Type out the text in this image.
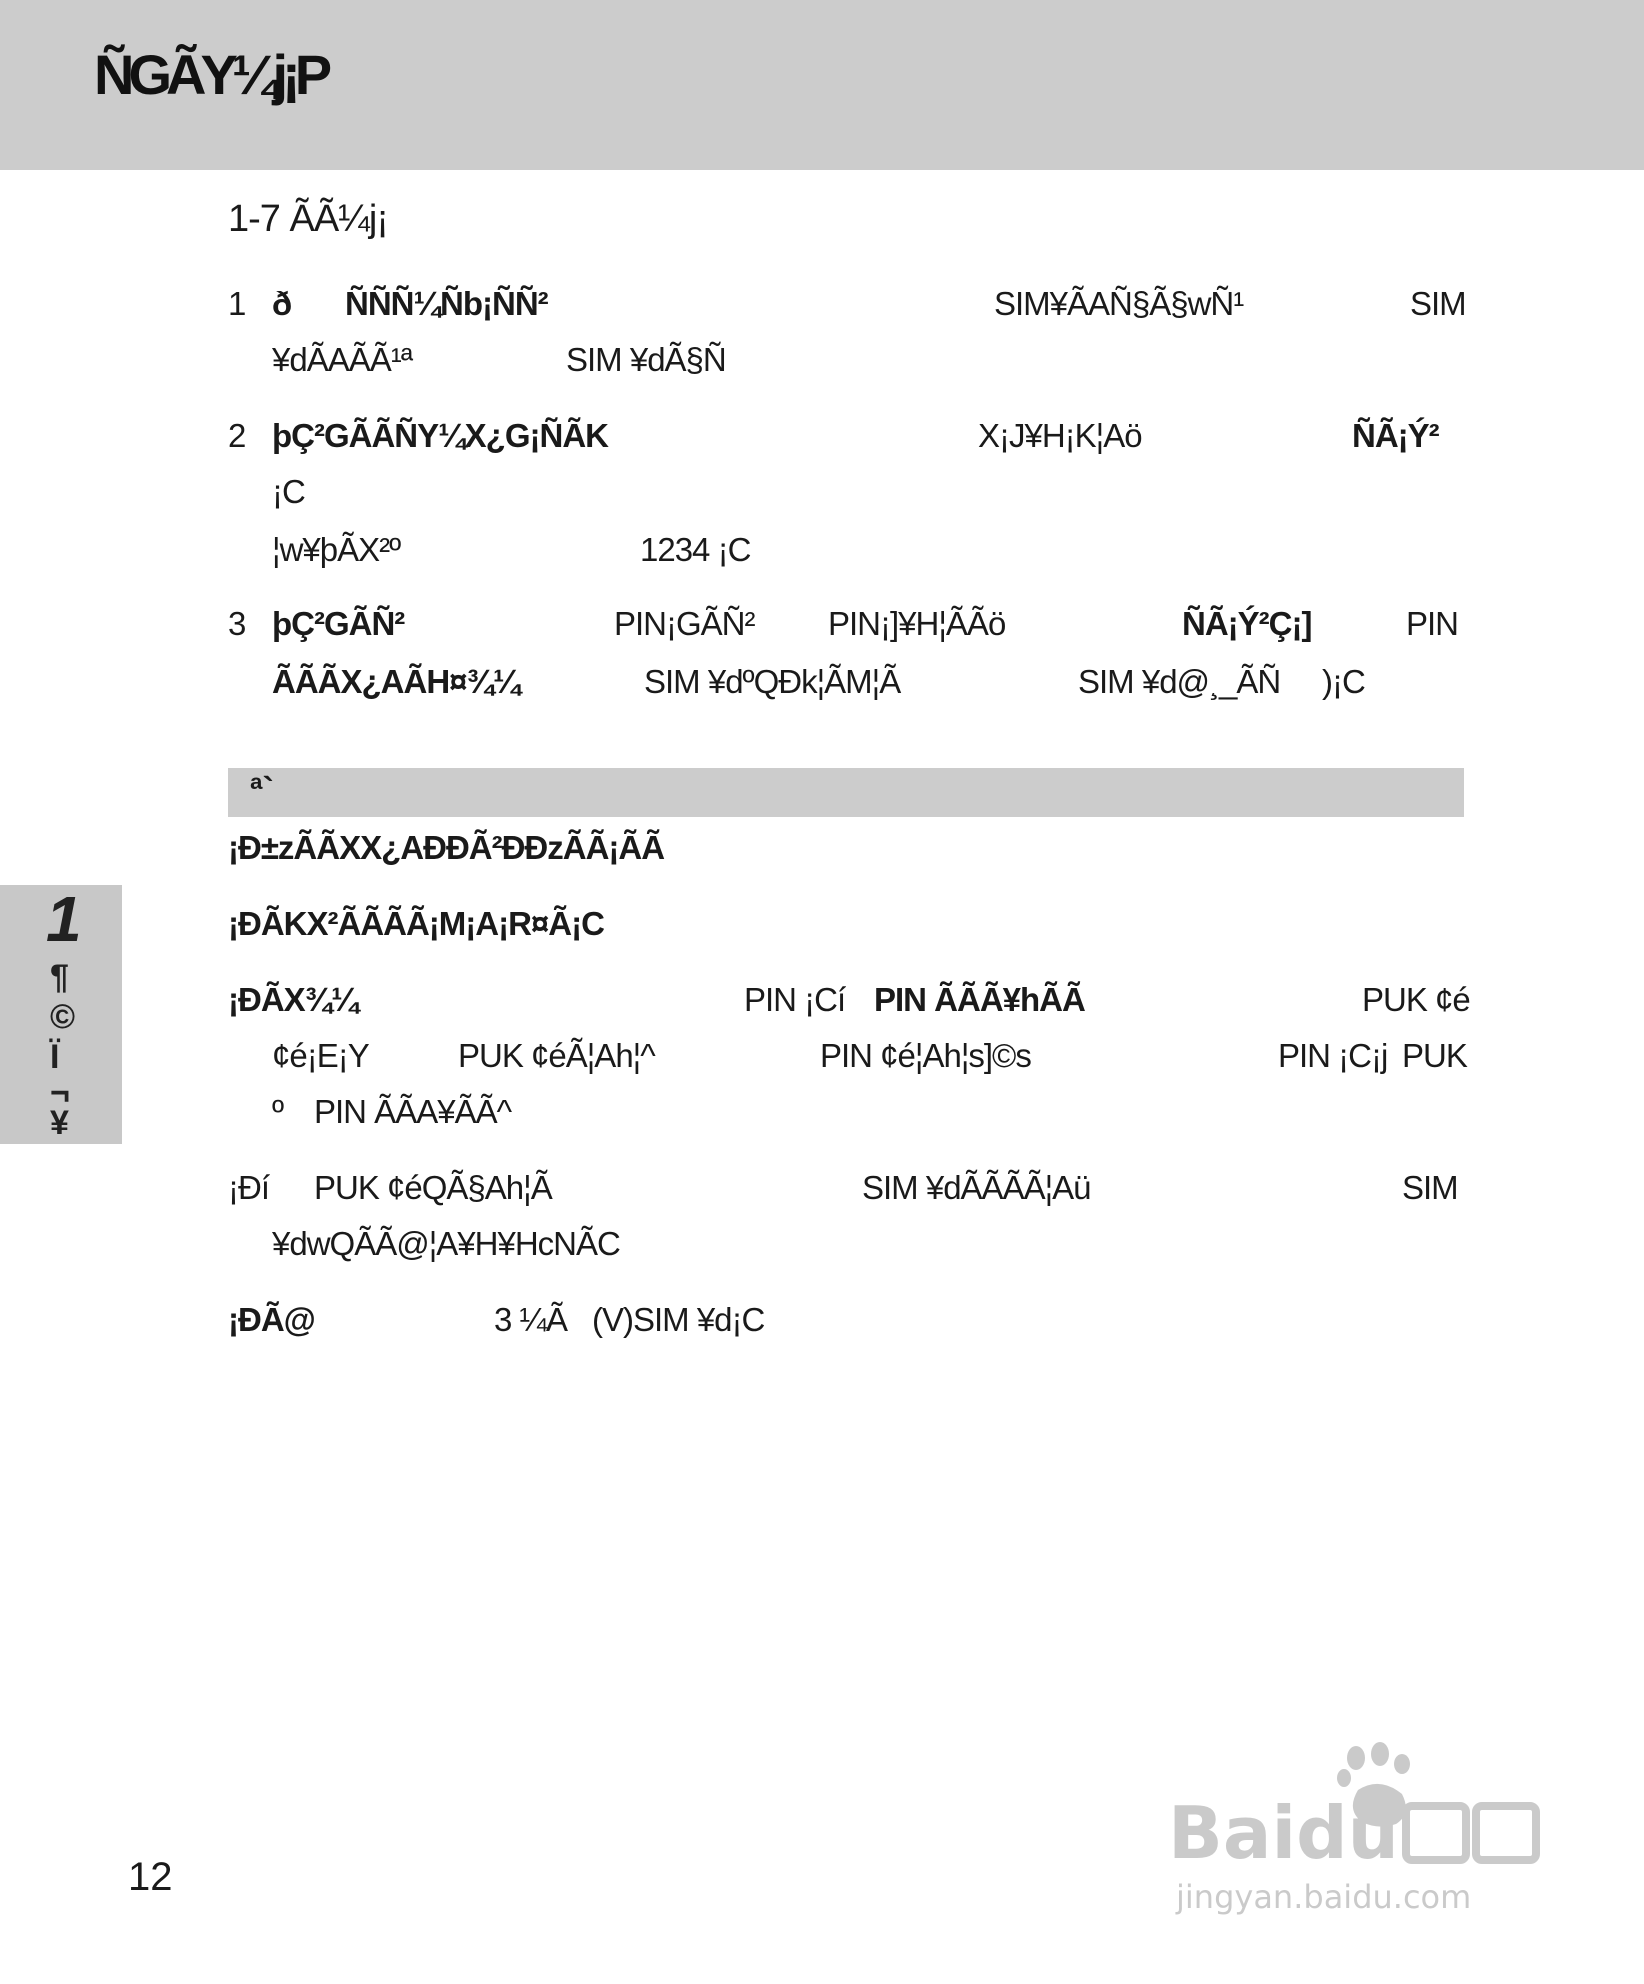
ÑGÃY¼j¡P
1-7 ÃÃ¼j¡
1 ð ÑÑÑ¼Ñb¡ÑÑ²	SIM¥ÃAÑ§Ã§wÑ¹	SIM
¥dÃAÃÃ¹ª	SIM ¥dÃ§Ñ
2 þÇ²GÃÃÑY¼X¿G¡ÑÃK	X¡J¥H¡K¦Aö	ÑÃ¡Ý²
¡C
¦w¥þÃX²º	1234 ¡C
3 þÇ²GÃÑ²	PIN¡GÃÑ² PIN¡]¥H¦ÃÃö	ÑÃ¡Ý²Ç¡]	PIN
ÃÃÃX¿AÃH¤¾¼	SIM ¥dºQÐk¦ÃM¦Ã	SIM ¥d@¸_ÃÑ )¡C
ª`
¡Ð±zÃÃXX¿AÐÐÃ²ÐÐzÃÃ¡ÃÃ
¡ÐÃKX²ÃÃÃÃ¡M¡A¡R¤Ã¡C
¡ÐÃX¾¼	PIN ¡Cí PIN ÃÃÃ¥hÃÃ	PUK ¢é
¢é¡E¡Y	PUK ¢éÃ¦Ah¦^	PIN ¢é¦Ah¦s]©s	PIN ¡C¡j PUK
º PIN ÃÃA¥ÃÃ^
¡Ðí PUK ¢éQÃ§Ah¦Ã	SIM ¥dÃÃÃÃ¦Aü	SIM
¥dwQÃÃ@¦A¥H¥HcNÃC
¡ÐÃ@	3 ¼Ã (V)SIM ¥d¡C
1
¶
©
Ï
¬
¥
12
Baidu
jingyan.baidu.com
